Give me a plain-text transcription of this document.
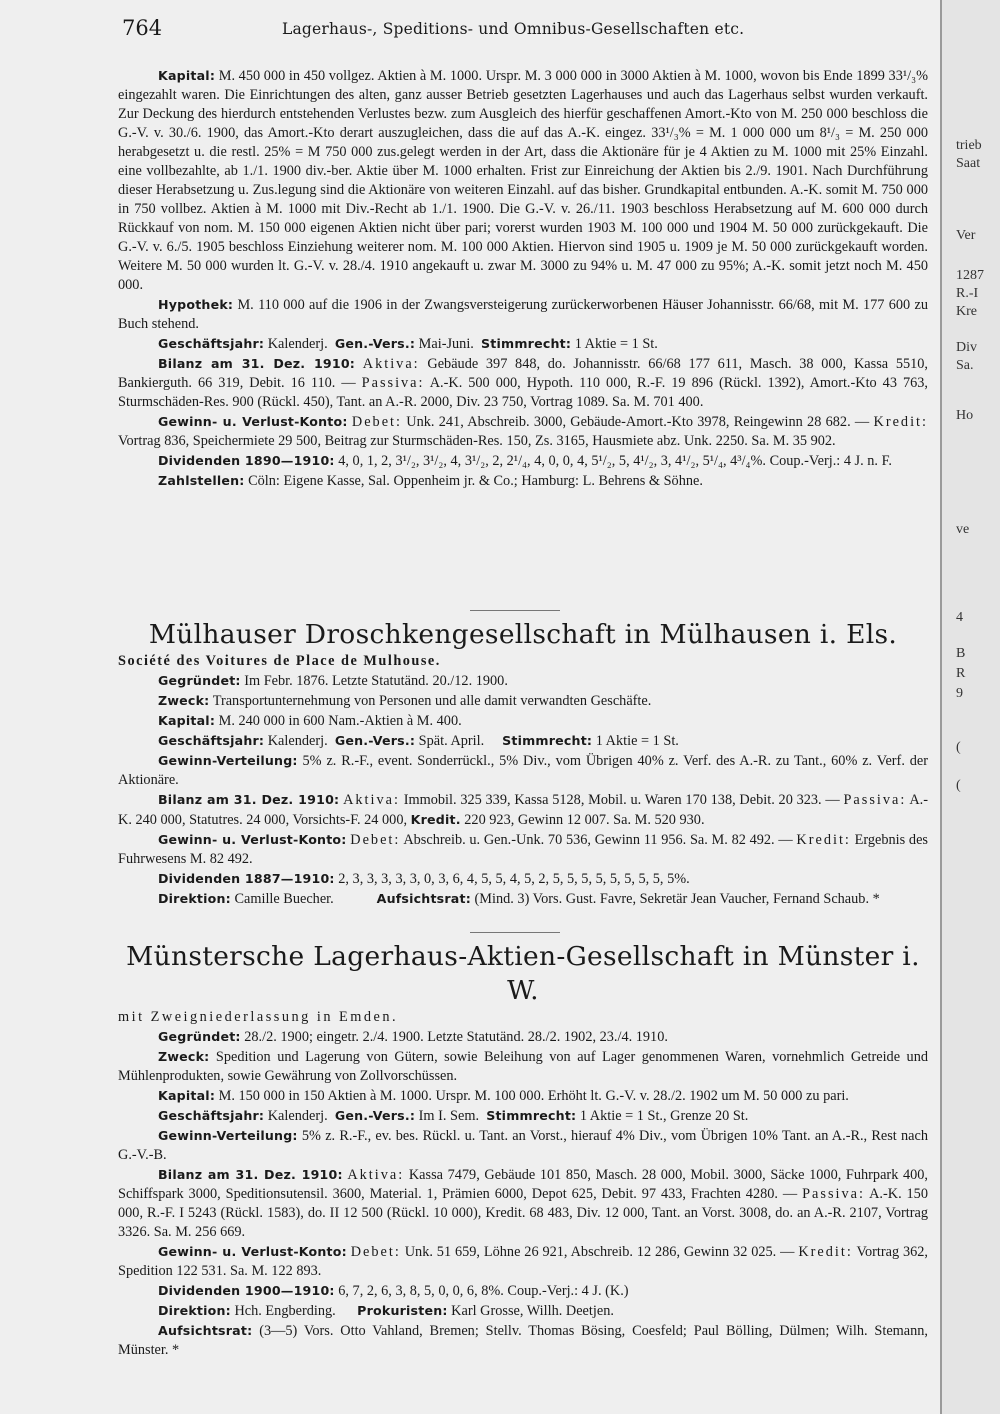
764	Lagerhaus-, Speditions- und Omnibus-Gesellschaften etc.

Kapital: M. 450 000 in 450 vollgez. Aktien à M. 1000. Urspr. M. 3 000 000 in 3000 Aktien à M. 1000, wovon bis Ende 1899 33¹/₃% eingezahlt waren. Die Einrichtungen des alten, ganz ausser Betrieb gesetzten Lagerhauses und auch das Lagerhaus selbst wurden verkauft. Zur Deckung des hierdurch entstehenden Verlustes bezw. zum Ausgleich des hierfür geschaffenen Amort.-Kto von M. 250 000 beschloss die G.-V. v. 30./6. 1900, das Amort.-Kto derart auszugleichen, dass die auf das A.-K. eingez. 33¹/₃% = M. 1 000 000 um 8¹/₃ = M. 250 000 herabgesetzt u. die restl. 25% = M 750 000 zus.gelegt werden in der Art, dass die Aktionäre für je 4 Aktien zu M. 1000 mit 25% Einzahl. eine vollbezahlte, ab 1./1. 1900 div.-ber. Aktie über M. 1000 erhalten. Frist zur Einreichung der Aktien bis 2./9. 1901. Nach Durchführung dieser Herabsetzung u. Zus.legung sind die Aktionäre von weiteren Einzahl. auf das bisher. Grundkapital entbunden. A.-K. somit M. 750 000 in 750 vollbez. Aktien à M. 1000 mit Div.-Recht ab 1./1. 1900. Die G.-V. v. 26./11. 1903 beschloss Herabsetzung auf M. 600 000 durch Rückkauf von nom. M. 150 000 eigenen Aktien nicht über pari; vorerst wurden 1903 M. 100 000 und 1904 M. 50 000 zurückgekauft. Die G.-V. v. 6./5. 1905 beschloss Einziehung weiterer nom. M. 100 000 Aktien. Hiervon sind 1905 u. 1909 je M. 50 000 zurückgekauft worden. Weitere M. 50 000 wurden lt. G.-V. v. 28./4. 1910 angekauft u. zwar M. 3000 zu 94% u. M. 47 000 zu 95%; A.-K. somit jetzt noch M. 450 000.

Hypothek: M. 110 000 auf die 1906 in der Zwangsversteigerung zurückerworbenen Häuser Johannisstr. 66/68, mit M. 177 600 zu Buch stehend.

Geschäftsjahr: Kalenderj. Gen.-Vers.: Mai-Juni. Stimmrecht: 1 Aktie = 1 St.

Bilanz am 31. Dez. 1910: Aktiva: Gebäude 397 848, do. Johannisstr. 66/68 177 611, Masch. 38 000, Kassa 5510, Bankierguth. 66 319, Debit. 16 110. — Passiva: A.-K. 500 000, Hypoth. 110 000, R.-F. 19 896 (Rückl. 1392), Amort.-Kto 43 763, Sturmschäden-Res. 900 (Rückl. 450), Tant. an A.-R. 2000, Div. 23 750, Vortrag 1089. Sa. M. 701 400.

Gewinn- u. Verlust-Konto: Debet: Unk. 241, Abschreib. 3000, Gebäude-Amort.-Kto 3978, Reingewinn 28 682. — Kredit: Vortrag 836, Speichermiete 29 500, Beitrag zur Sturmschäden-Res. 150, Zs. 3165, Hausmiete abz. Unk. 2250. Sa. M. 35 902.

Dividenden 1890—1910: 4, 0, 1, 2, 3¹/₂, 3¹/₂, 4, 3¹/₂, 2, 2¹/₄, 4, 0, 0, 4, 5¹/₂, 5, 4¹/₂, 3, 4¹/₂, 5¹/₄, 4³/₄%. Coup.-Verj.: 4 J. n. F.

Zahlstellen: Cöln: Eigene Kasse, Sal. Oppenheim jr. & Co.; Hamburg: L. Behrens & Söhne.

Mülhauser Droschkengesellschaft in Mülhausen i. Els.

Société des Voitures de Place de Mulhouse.

Gegründet: Im Febr. 1876. Letzte Statutänd. 20./12. 1900.

Zweck: Transportunternehmung von Personen und alle damit verwandten Geschäfte.

Kapital: M. 240 000 in 600 Nam.-Aktien à M. 400.

Geschäftsjahr: Kalenderj. Gen.-Vers.: Spät. April. Stimmrecht: 1 Aktie = 1 St.

Gewinn-Verteilung: 5% z. R.-F., event. Sonderrückl., 5% Div., vom Übrigen 40% z. Verf. des A.-R. zu Tant., 60% z. Verf. der Aktionäre.

Bilanz am 31. Dez. 1910: Aktiva: Immobil. 325 339, Kassa 5128, Mobil. u. Waren 170 138, Debit. 20 323. — Passiva: A.-K. 240 000, Statutres. 24 000, Vorsichts-F. 24 000, Kredit. 220 923, Gewinn 12 007. Sa. M. 520 930.

Gewinn- u. Verlust-Konto: Debet: Abschreib. u. Gen.-Unk. 70 536, Gewinn 11 956. Sa. M. 82 492. — Kredit: Ergebnis des Fuhrwesens M. 82 492.

Dividenden 1887—1910: 2, 3, 3, 3, 3, 3, 0, 3, 6, 4, 5, 5, 4, 5, 2, 5, 5, 5, 5, 5, 5, 5, 5, 5%.

Direktion: Camille Buecher.	Aufsichtsrat: (Mind. 3) Vors. Gust. Favre, Sekretär Jean Vaucher, Fernand Schaub. *

Münstersche Lagerhaus-Aktien-Gesellschaft in Münster i. W.

mit Zweigniederlassung in Emden.

Gegründet: 28./2. 1900; eingetr. 2./4. 1900. Letzte Statutänd. 28./2. 1902, 23./4. 1910.

Zweck: Spedition und Lagerung von Gütern, sowie Beleihung von auf Lager genommenen Waren, vornehmlich Getreide und Mühlenprodukten, sowie Gewährung von Zollvorschüssen.

Kapital: M. 150 000 in 150 Aktien à M. 1000. Urspr. M. 100 000. Erhöht lt. G.-V. v. 28./2. 1902 um M. 50 000 zu pari.

Geschäftsjahr: Kalenderj. Gen.-Vers.: Im I. Sem. Stimmrecht: 1 Aktie = 1 St., Grenze 20 St.

Gewinn-Verteilung: 5% z. R.-F., ev. bes. Rückl. u. Tant. an Vorst., hierauf 4% Div., vom Übrigen 10% Tant. an A.-R., Rest nach G.-V.-B.

Bilanz am 31. Dez. 1910: Aktiva: Kassa 7479, Gebäude 101 850, Masch. 28 000, Mobil. 3000, Säcke 1000, Fuhrpark 400, Schiffspark 3000, Speditionsutensil. 3600, Material. 1, Prämien 6000, Depot 625, Debit. 97 433, Frachten 4280. — Passiva: A.-K. 150 000, R.-F. I 5243 (Rückl. 1583), do. II 12 500 (Rückl. 10 000), Kredit. 68 483, Div. 12 000, Tant. an Vorst. 3008, do. an A.-R. 2107, Vortrag 3326. Sa. M. 256 669.

Gewinn- u. Verlust-Konto: Debet: Unk. 51 659, Löhne 26 921, Abschreib. 12 286, Gewinn 32 025. — Kredit: Vortrag 362, Spedition 122 531. Sa. M. 122 893.

Dividenden 1900—1910: 6, 7, 2, 6, 3, 8, 5, 0, 0, 6, 8%. Coup.-Verj.: 4 J. (K.)

Direktion: Hch. Engberding. Prokuristen: Karl Grosse, Willh. Deetjen.

Aufsichtsrat: (3—5) Vors. Otto Vahland, Bremen; Stellv. Thomas Bösing, Coesfeld; Paul Bölling, Dülmen; Wilh. Stemann, Münster. *

trieb
Saat
Ver
1287
R.-I
Kre
Div
Sa.
Ho
ve
4
B
R
9
(
(
